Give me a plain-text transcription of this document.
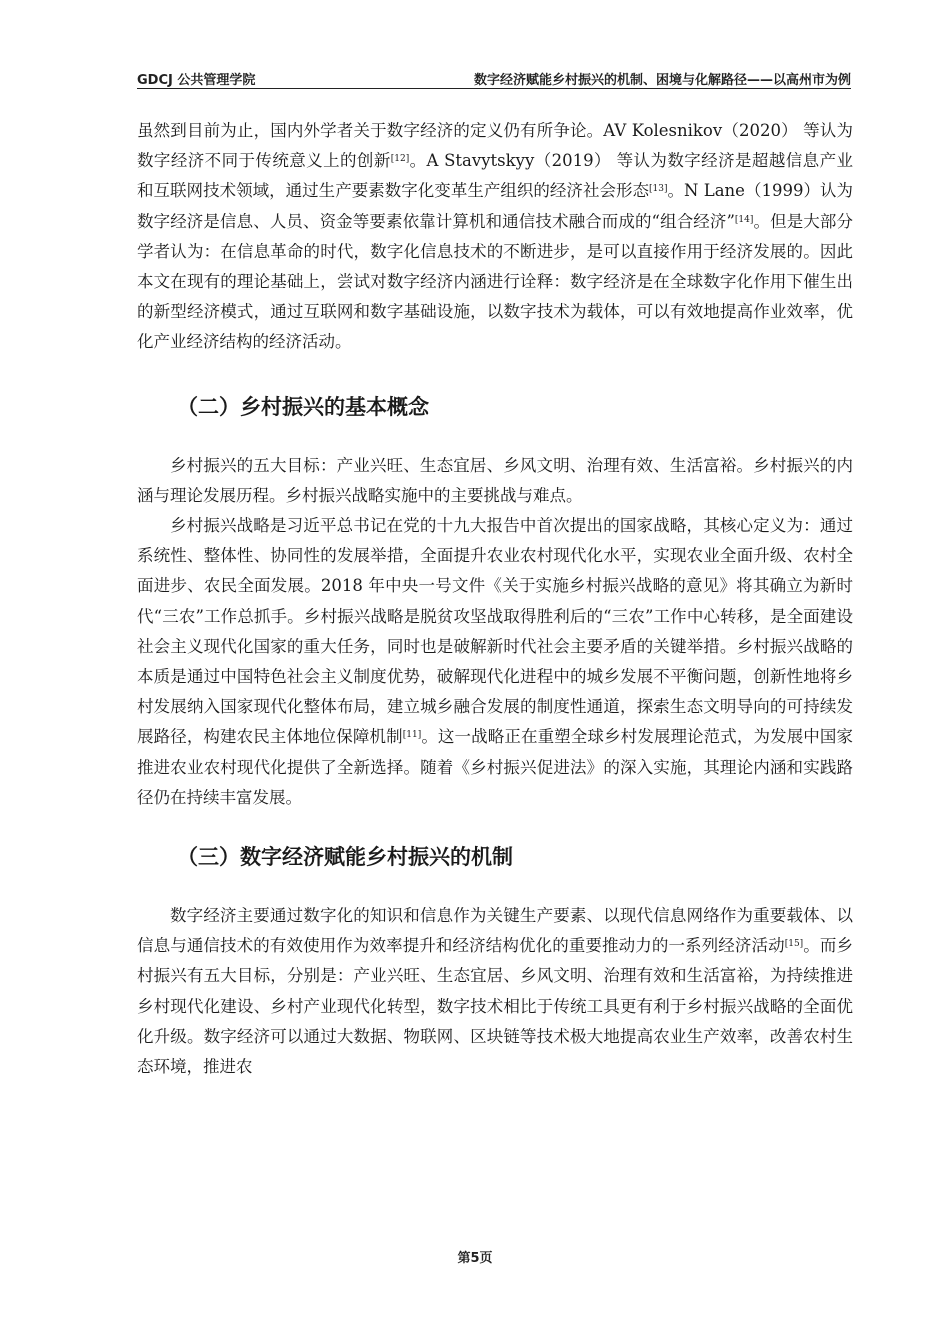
GDCJ 公共管理学院	数字经济赋能乡村振兴的机制、困境与化解路径——以高州市为例

虽然到目前为止，国内外学者关于数字经济的定义仍有所争论。AV Kolesnikov（2020） 等认为数字经济不同于传统意义上的创新[12]。A Stavytskyy（2019） 等认为数字经济是超越信息产业和互联网技术领域，通过生产要素数字化变革生产组织的经济社会形态[13]。N Lane（1999）认为数字经济是信息、人员、资金等要素依靠计算机和通信技术融合而成的“组合经济”[14]。但是大部分学者认为：在信息革命的时代，数字化信息技术的不断进步，是可以直接作用于经济发展的。因此本文在现有的理论基础上，尝试对数字经济内涵进行诠释：数字经济是在全球数字化作用下催生出的新型经济模式，通过互联网和数字基础设施，以数字技术为载体，可以有效地提高作业效率，优化产业经济结构的经济活动。

（二）乡村振兴的基本概念

乡村振兴的五大目标：产业兴旺、生态宜居、乡风文明、治理有效、生活富裕。乡村振兴的内涵与理论发展历程。乡村振兴战略实施中的主要挑战与难点。

乡村振兴战略是习近平总书记在党的十九大报告中首次提出的国家战略，其核心定义为：通过系统性、整体性、协同性的发展举措，全面提升农业农村现代化水平，实现农业全面升级、农村全面进步、农民全面发展。2018 年中央一号文件《关于实施乡村振兴战略的意见》将其确立为新时代“三农”工作总抓手。乡村振兴战略是脱贫攻坚战取得胜利后的“三农”工作中心转移，是全面建设社会主义现代化国家的重大任务，同时也是破解新时代社会主要矛盾的关键举措。乡村振兴战略的本质是通过中国特色社会主义制度优势，破解现代化进程中的城乡发展不平衡问题，创新性地将乡村发展纳入国家现代化整体布局，建立城乡融合发展的制度性通道，探索生态文明导向的可持续发展路径，构建农民主体地位保障机制[11]。这一战略正在重塑全球乡村发展理论范式，为发展中国家推进农业农村现代化提供了全新选择。随着《乡村振兴促进法》的深入实施，其理论内涵和实践路径仍在持续丰富发展。

（三）数字经济赋能乡村振兴的机制

数字经济主要通过数字化的知识和信息作为关键生产要素、以现代信息网络作为重要载体、以信息与通信技术的有效使用作为效率提升和经济结构优化的重要推动力的一系列经济活动[15]。而乡村振兴有五大目标，分别是：产业兴旺、生态宜居、乡风文明、治理有效和生活富裕，为持续推进乡村现代化建设、乡村产业现代化转型，数字技术相比于传统工具更有利于乡村振兴战略的全面优化升级。数字经济可以通过大数据、物联网、区块链等技术极大地提高农业生产效率，改善农村生态环境，推进农

第5页
